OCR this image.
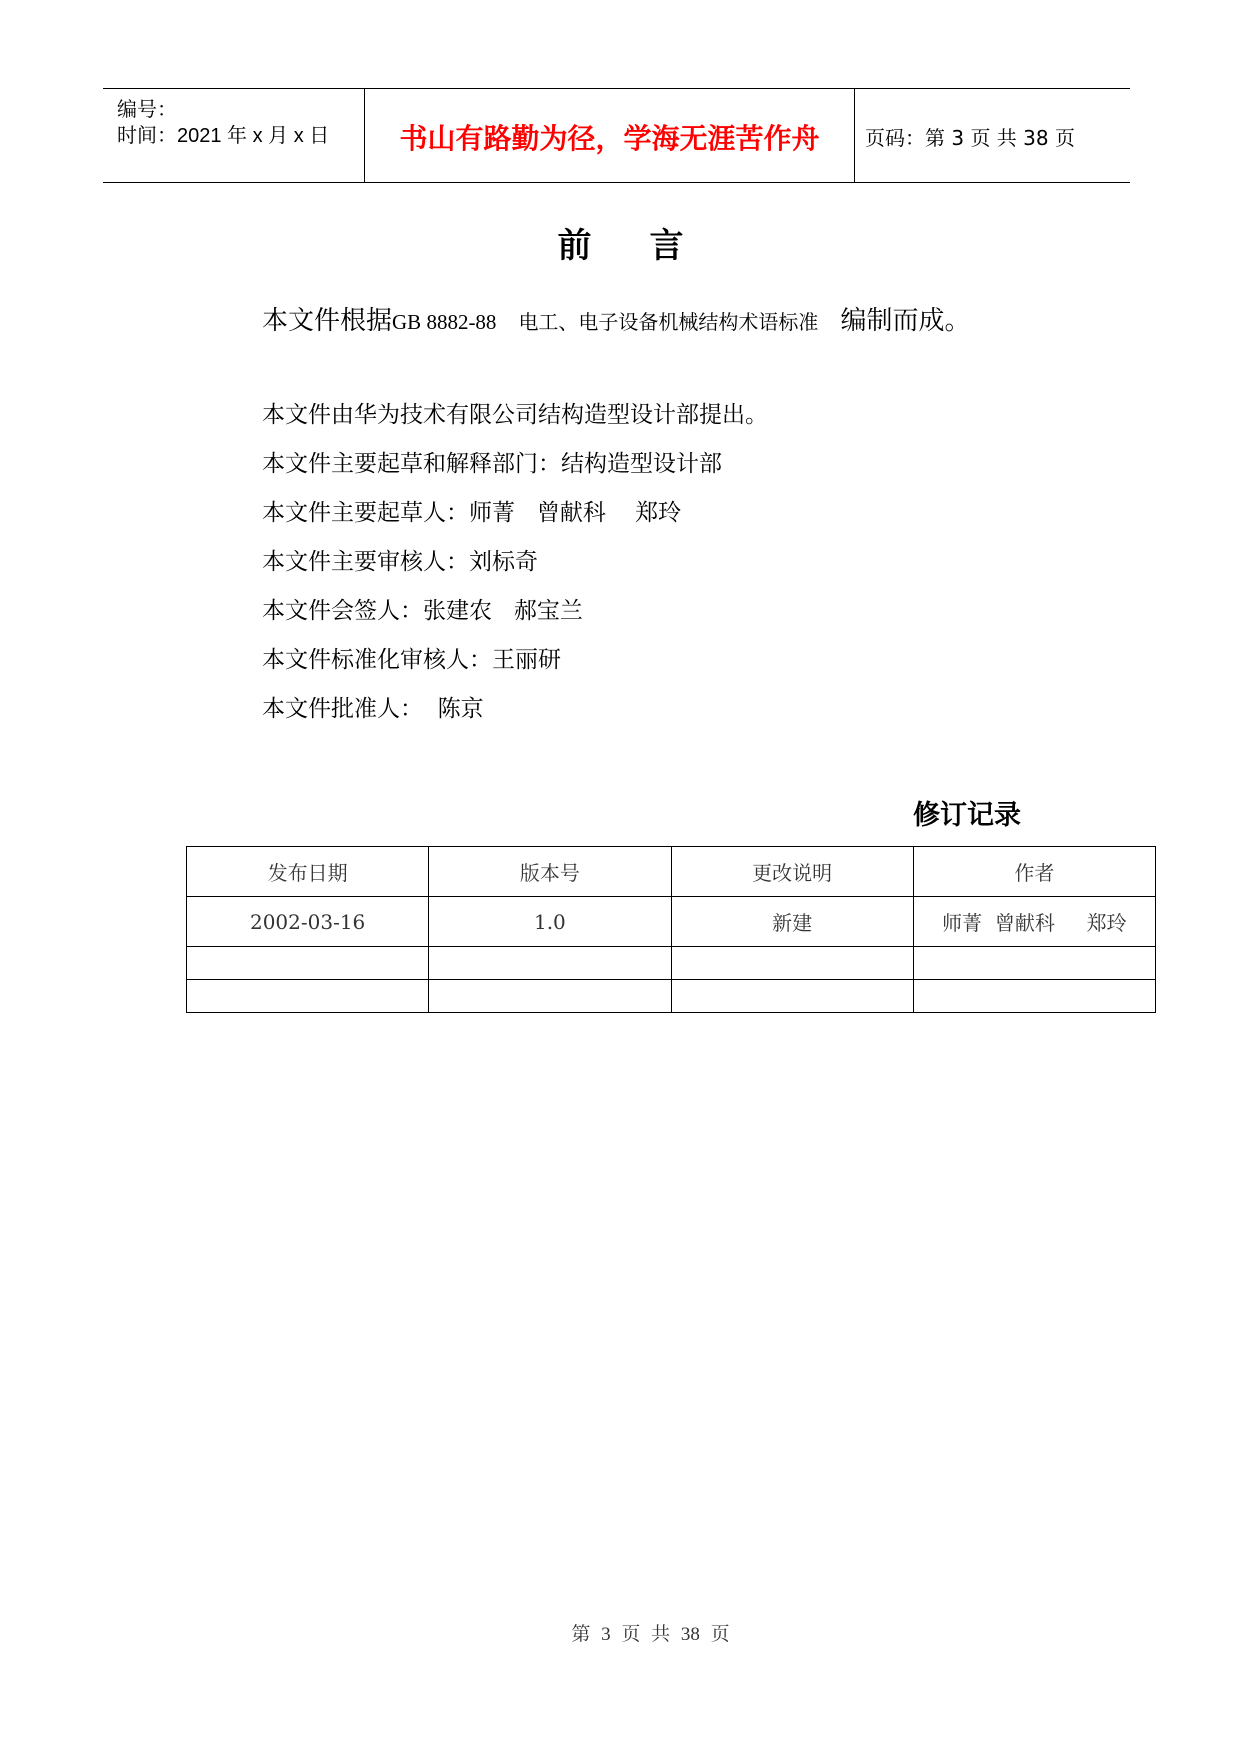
编号：
时间：2021 年 x 月 x 日	书山有路勤为径，学海无涯苦作舟	页码：第 3 页 共 38 页
前言
本文件根据GB 8882-88 电工、电子设备机械结构术语标准 编制而成。
本文件由华为技术有限公司结构造型设计部提出。
本文件主要起草和解释部门：结构造型设计部
本文件主要起草人：师菁   曾献科    郑玲
本文件主要审核人：刘标奇
本文件会签人：张建农   郝宝兰
本文件标准化审核人：王丽研
本文件批准人：  陈京
修订记录
发布日期	版本号	更改说明	作者
2002-03-16	1.0	新建	师菁  曾献科     郑玲

第 3 页 共 38 页
